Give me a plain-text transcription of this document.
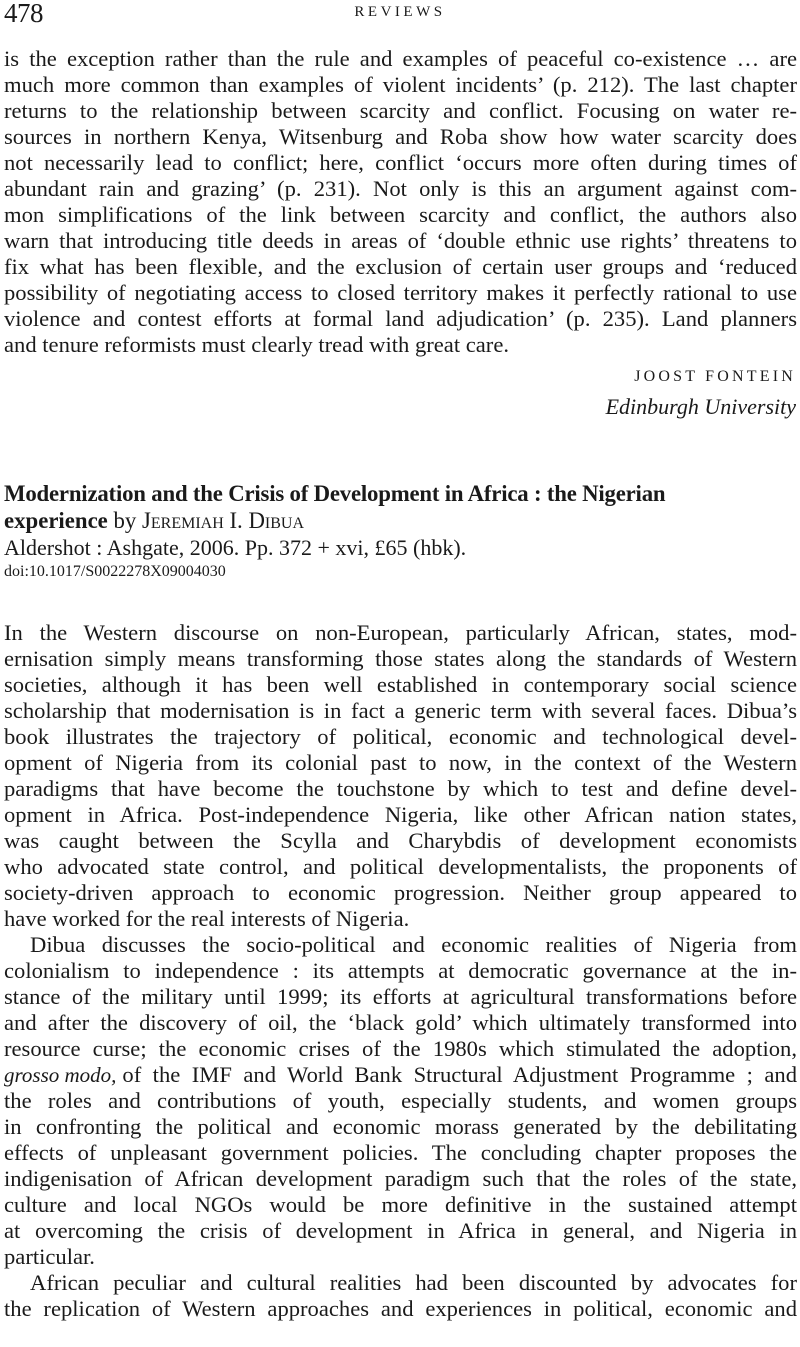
478	REVIEWS
is the exception rather than the rule and examples of peaceful co-existence … are
much more common than examples of violent incidents’ (p. 212). The last chapter
returns to the relationship between scarcity and conflict. Focusing on water re-
sources in northern Kenya, Witsenburg and Roba show how water scarcity does
not necessarily lead to conflict; here, conflict ‘occurs more often during times of
abundant rain and grazing’ (p. 231). Not only is this an argument against com-
mon simplifications of the link between scarcity and conflict, the authors also
warn that introducing title deeds in areas of ‘double ethnic use rights’ threatens to
fix what has been flexible, and the exclusion of certain user groups and ‘reduced
possibility of negotiating access to closed territory makes it perfectly rational to use
violence and contest efforts at formal land adjudication’ (p. 235). Land planners
and tenure reformists must clearly tread with great care.
JOOST FONTEIN
Edinburgh University
Modernization and the Crisis of Development in Africa : the Nigerian
experience by Jeremiah I. Dibua
Aldershot : Ashgate, 2006. Pp. 372 + xvi, £65 (hbk).
doi:10.1017/S0022278X09004030
In the Western discourse on non-European, particularly African, states, mod-
ernisation simply means transforming those states along the standards of Western
societies, although it has been well established in contemporary social science
scholarship that modernisation is in fact a generic term with several faces. Dibua’s
book illustrates the trajectory of political, economic and technological devel-
opment of Nigeria from its colonial past to now, in the context of the Western
paradigms that have become the touchstone by which to test and define devel-
opment in Africa. Post-independence Nigeria, like other African nation states,
was caught between the Scylla and Charybdis of development economists
who advocated state control, and political developmentalists, the proponents of
society-driven approach to economic progression. Neither group appeared to
have worked for the real interests of Nigeria.
Dibua discusses the socio-political and economic realities of Nigeria from
colonialism to independence : its attempts at democratic governance at the in-
stance of the military until 1999; its efforts at agricultural transformations before
and after the discovery of oil, the ‘black gold’ which ultimately transformed into
resource curse; the economic crises of the 1980s which stimulated the adoption,
grosso modo, of the IMF and World Bank Structural Adjustment Programme ; and
the roles and contributions of youth, especially students, and women groups
in confronting the political and economic morass generated by the debilitating
effects of unpleasant government policies. The concluding chapter proposes the
indigenisation of African development paradigm such that the roles of the state,
culture and local NGOs would be more definitive in the sustained attempt
at overcoming the crisis of development in Africa in general, and Nigeria in
particular.
African peculiar and cultural realities had been discounted by advocates for
the replication of Western approaches and experiences in political, economic and
